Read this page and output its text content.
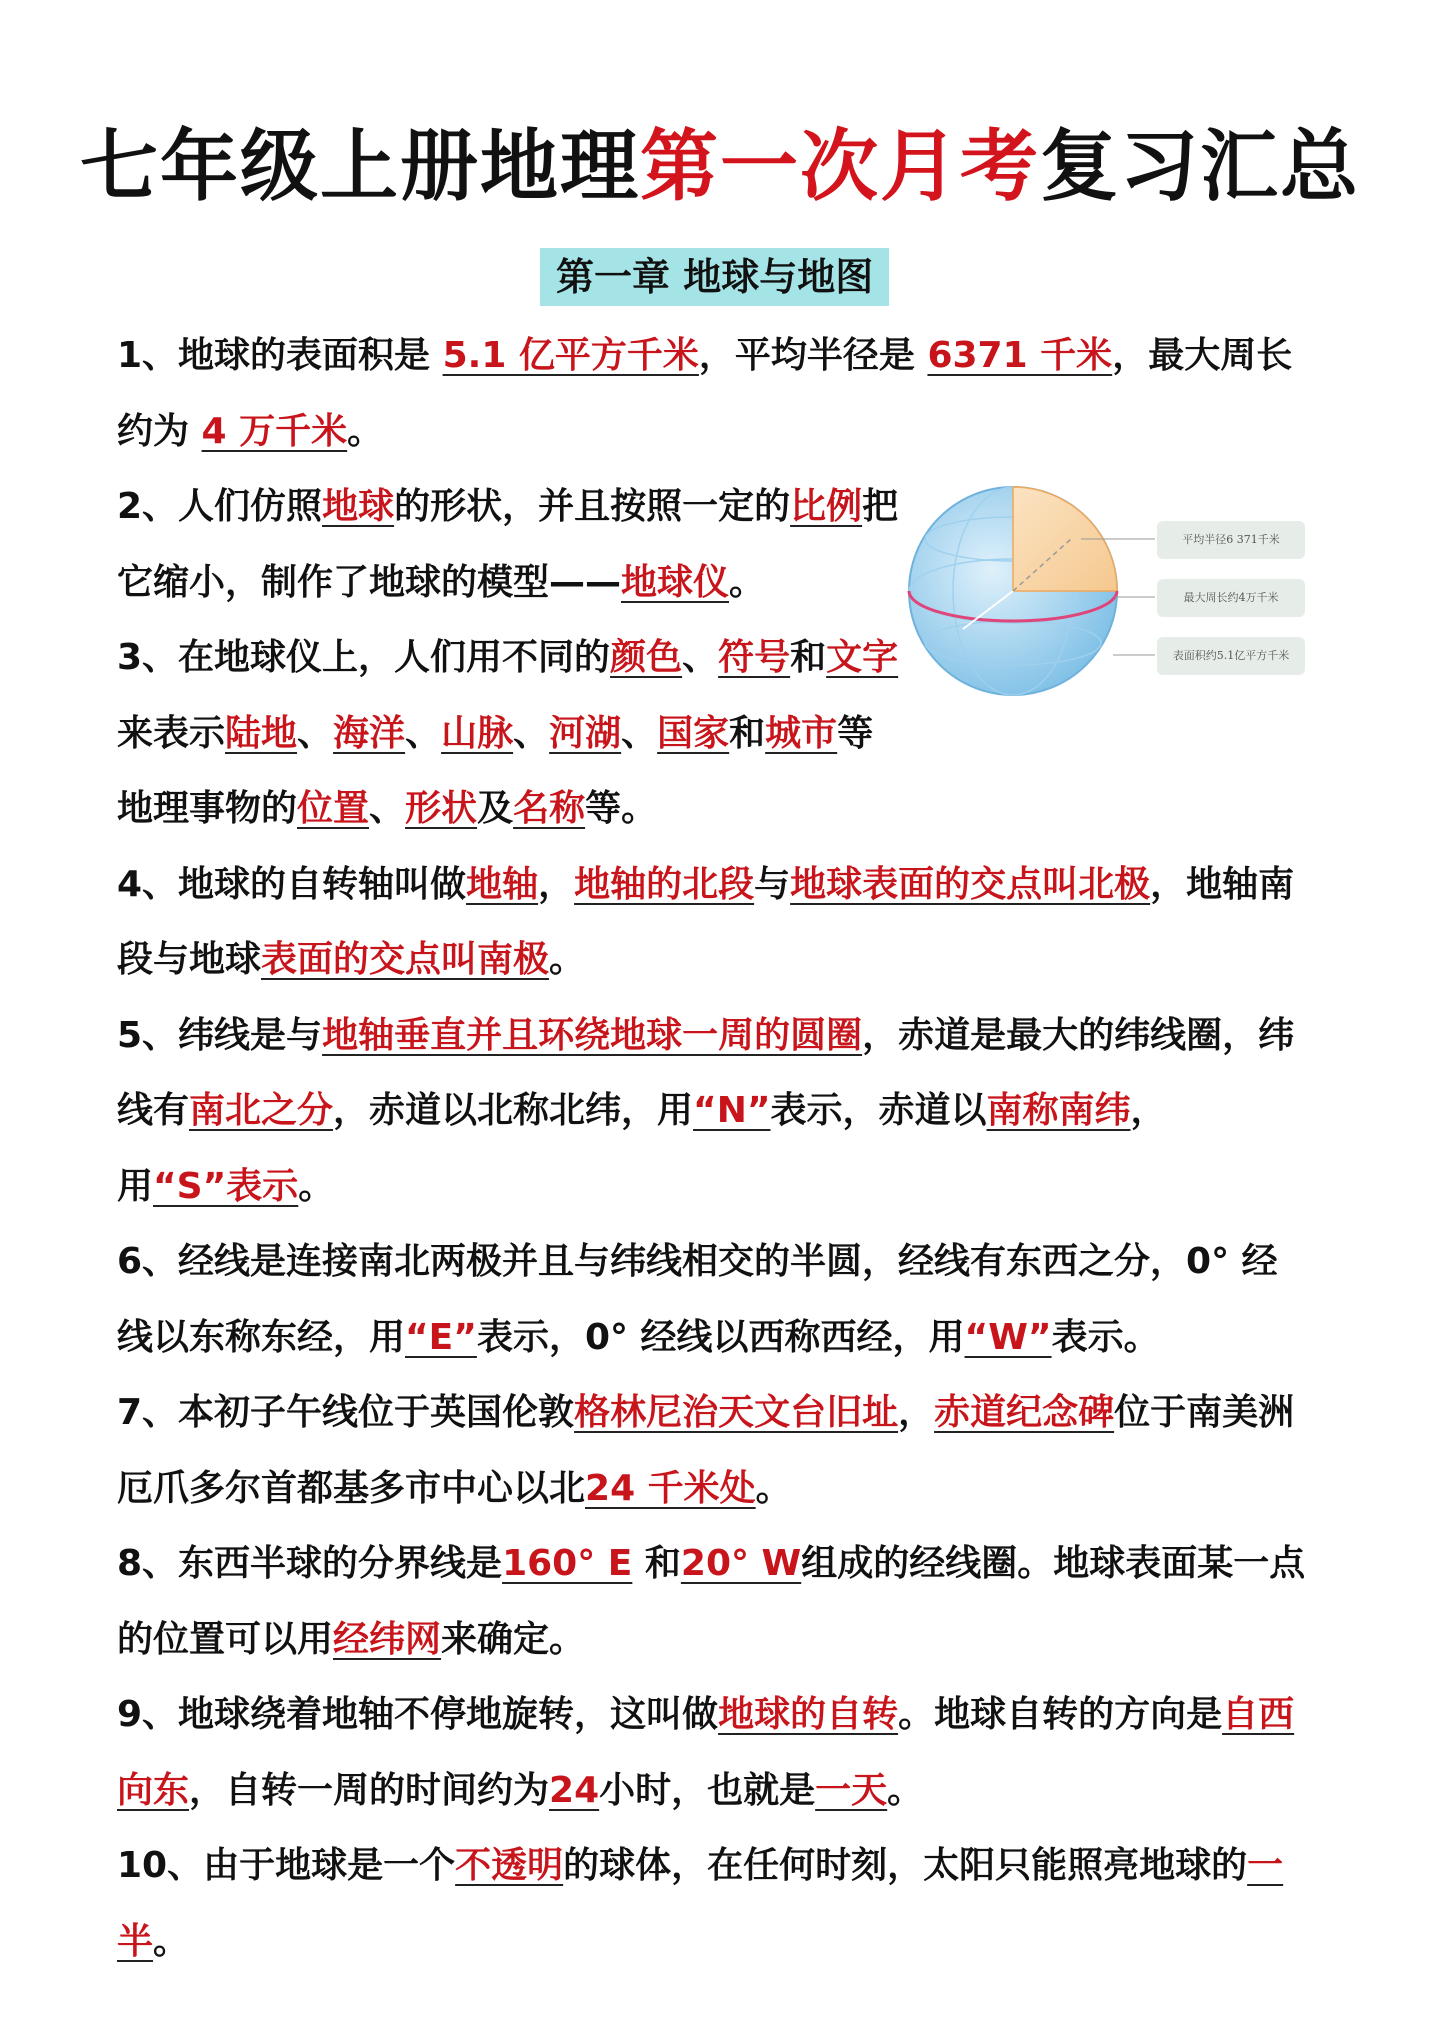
七年级上册地理第一次月考复习汇总
第一章 地球与地图

1、地球的表面积是 5.1 亿平方千米，平均半径是 6371 千米，最大周长约为 4 万千米。

平均半径6 371千米
最大周长约4万千米
表面积约5.1亿平方千米

2、人们仿照地球的形状，并且按照一定的比例把它缩小，制作了地球的模型——地球仪。

3、在地球仪上，人们用不同的颜色、符号和文字来表示陆地、海洋、山脉、河湖、国家和城市等地理事物的位置、形状及名称等。

4、地球的自转轴叫做地轴，地轴的北段与地球表面的交点叫北极，地轴南段与地球表面的交点叫南极。

5、纬线是与地轴垂直并且环绕地球一周的圆圈，赤道是最大的纬线圈，纬线有南北之分，赤道以北称北纬，用“N”表示，赤道以南称南纬，用“S”表示。

6、经线是连接南北两极并且与纬线相交的半圆，经线有东西之分，0° 经线以东称东经，用“E”表示，0° 经线以西称西经，用“W”表示。

7、本初子午线位于英国伦敦格林尼治天文台旧址，赤道纪念碑位于南美洲厄爪多尔首都基多市中心以北24 千米处。

8、东西半球的分界线是160° E 和20° W组成的经线圈。地球表面某一点的位置可以用经纬网来确定。

9、地球绕着地轴不停地旋转，这叫做地球的自转。地球自转的方向是自西向东，自转一周的时间约为24小时，也就是一天。

10、由于地球是一个不透明的球体，在任何时刻，太阳只能照亮地球的一半。
